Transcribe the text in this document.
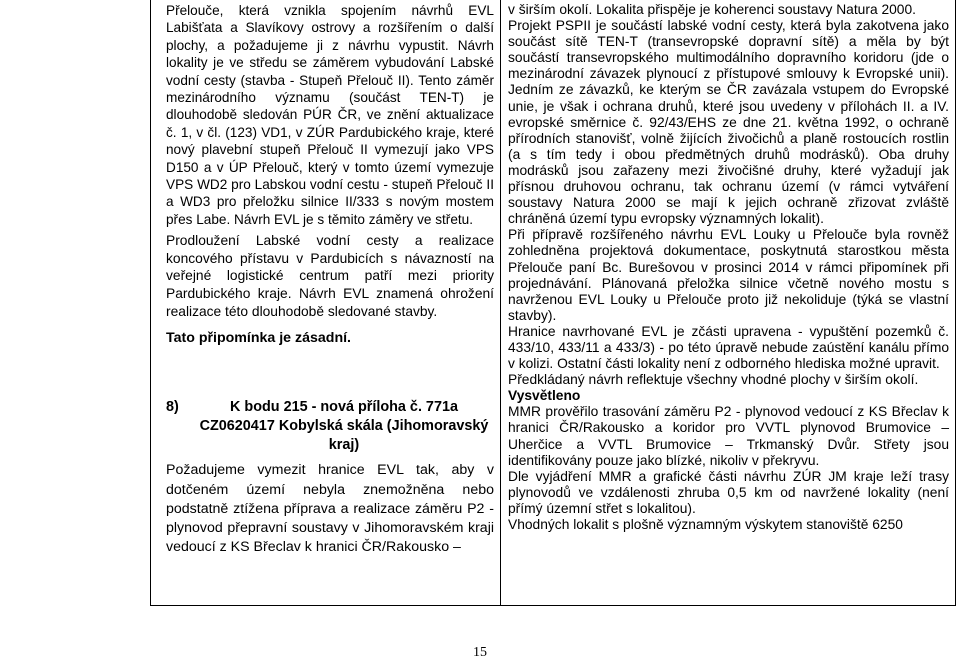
Přelouče, která vznikla spojením návrhů EVL Labišťata a Slavíkovy ostrovy a rozšířením o další plochy, a požadujeme ji z návrhu vypustit. Návrh lokality je ve středu se záměrem vybudování Labské vodní cesty (stavba - Stupeň Přelouč II). Tento záměr mezinárodního významu (součást TEN-T) je dlouhodobě sledován PÚR ČR, ve znění aktualizace č. 1, v čl. (123) VD1, v ZÚR Pardubického kraje, které nový plavební stupeň Přelouč II vymezují jako VPS D150 a v ÚP Přelouč, který v tomto území vymezuje VPS WD2 pro Labskou vodní cestu - stupeň Přelouč II a WD3 pro přeložku silnice II/333 s novým mostem přes Labe. Návrh EVL je s těmito záměry ve střetu.

Prodloužení Labské vodní cesty a realizace koncového přístavu v Pardubicích s návazností na veřejné logistické centrum patří mezi priority Pardubického kraje. Návrh EVL znamená ohrožení realizace této dlouhodobě sledované stavby.

Tato připomínka je zásadní.

8)	K bodu 215 - nová příloha č. 771a CZ0620417 Kobylská skála (Jihomoravský kraj)

Požadujeme vymezit hranice EVL tak, aby v dotčeném území nebyla znemožněna nebo podstatně ztížena příprava a realizace záměru P2 - plynovod přepravní soustavy v Jihomoravském kraji vedoucí z KS Břeclav k hranici ČR/Rakousko –

v širším okolí. Lokalita přispěje je koherenci soustavy Natura 2000.

Projekt PSPII je součástí labské vodní cesty, která byla zakotvena jako součást sítě TEN-T (transevropské dopravní sítě) a měla by být součástí transevropského multimodálního dopravního koridoru (jde o mezinárodní závazek plynoucí z přístupové smlouvy k Evropské unii). Jedním ze závazků, ke kterým se ČR zavázala vstupem do Evropské unie, je však i ochrana druhů, které jsou uvedeny v přílohách II. a IV. evropské směrnice č. 92/43/EHS ze dne 21. května 1992, o ochraně přírodních stanovišť, volně žijících živočichů a planě rostoucích rostlin (a s tím tedy i obou předmětných druhů modrásků). Oba druhy modrásků jsou zařazeny mezi živočišné druhy, které vyžadují jak přísnou druhovou ochranu, tak ochranu území (v rámci vytváření soustavy Natura 2000 se mají k jejich ochraně zřizovat zvláště chráněná území typu evropsky významných lokalit).

Při přípravě rozšířeného návrhu EVL Louky u Přelouče byla rovněž zohledněna projektová dokumentace, poskytnutá starostkou města Přelouče paní Bc. Burešovou v prosinci 2014 v rámci připomínek při projednávání. Plánovaná přeložka silnice včetně nového mostu s navrženou EVL Louky u Přelouče proto již nekoliduje (týká se vlastní stavby).

Hranice navrhované EVL je zčásti upravena - vypuštění pozemků č. 433/10, 433/11 a 433/3) - po této úpravě nebude zaústění kanálu přímo v kolizi. Ostatní části lokality není z odborného hlediska možné upravit.

Předkládaný návrh reflektuje všechny vhodné plochy v širším okolí.

Vysvětleno

MMR prověřilo trasování záměru P2 - plynovod vedoucí z KS Břeclav k hranici ČR/Rakousko a koridor pro VVTL plynovod Brumovice – Uherčice a VVTL Brumovice – Trkmanský Dvůr. Střety jsou identifikovány pouze jako blízké, nikoliv v překryvu.

Dle vyjádření MMR a grafické části návrhu ZÚR JM kraje leží trasy plynovodů ve vzdálenosti zhruba 0,5 km od navržené lokality (není přímý územní střet s lokalitou).

Vhodných lokalit s plošně významným výskytem stanoviště 6250

15
